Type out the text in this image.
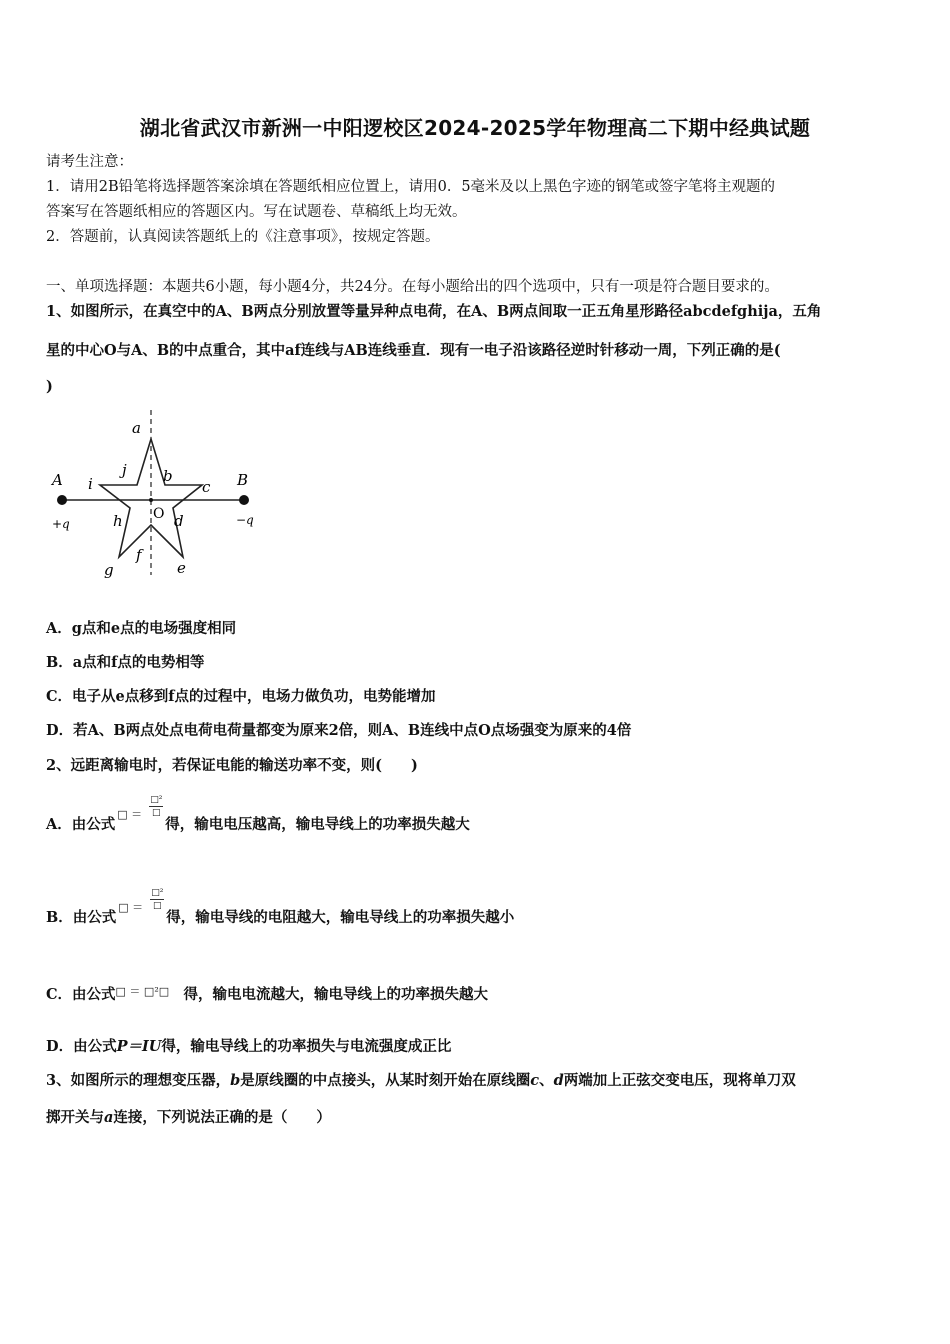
湖北省武汉市新洲一中阳逻校区2024-2025学年物理高二下期中经典试题
请考生注意：
1．请用2B铅笔将选择题答案涂填在答题纸相应位置上，请用0．5毫米及以上黑色字迹的钢笔或签字笔将主观题的
答案写在答题纸相应的答题区内。写在试题卷、草稿纸上均无效。
2．答题前，认真阅读答题纸上的《注意事项》，按规定答题。
一、单项选择题：本题共6小题，每小题4分，共24分。在每小题给出的四个选项中，只有一项是符合题目要求的。
1、如图所示，在真空中的A、B两点分别放置等量异种点电荷，在A、B两点间取一正五角星形路径abcdefghija，五角
星的中心O与A、B的中点重合，其中af连线与AB连线垂直．现有一电子沿该路径逆时针移动一周，下列正确的是(
)
a
j b
i	c
A	B
O
h	d
+q	−q
f
g	e
A．g点和e点的电场强度相同
B．a点和f点的电势相等
C．电子从e点移到f点的过程中，电场力做负功，电势能增加
D．若A、B两点处点电荷电荷量都变为原来2倍，则A、B连线中点O点场强变为原来的4倍
2、远距离输电时，若保证电能的输送功率不变，则(　　)
A．由公式
□ ＝
□²
□
得，输电电压越高，输电导线上的功率损失越大
B．由公式
□ ＝
□²
□
得，输电导线的电阻越大，输电导线上的功率损失越小
C．由公式□ ＝ □²□ 得，输电电流越大，输电导线上的功率损失越大
D．由公式P＝IU得，输电导线上的功率损失与电流强度成正比
3、如图所示的理想变压器，b是原线圈的中点接头，从某时刻开始在原线圈c、d两端加上正弦交变电压，现将单刀双
掷开关与a连接，下列说法正确的是（　　）
